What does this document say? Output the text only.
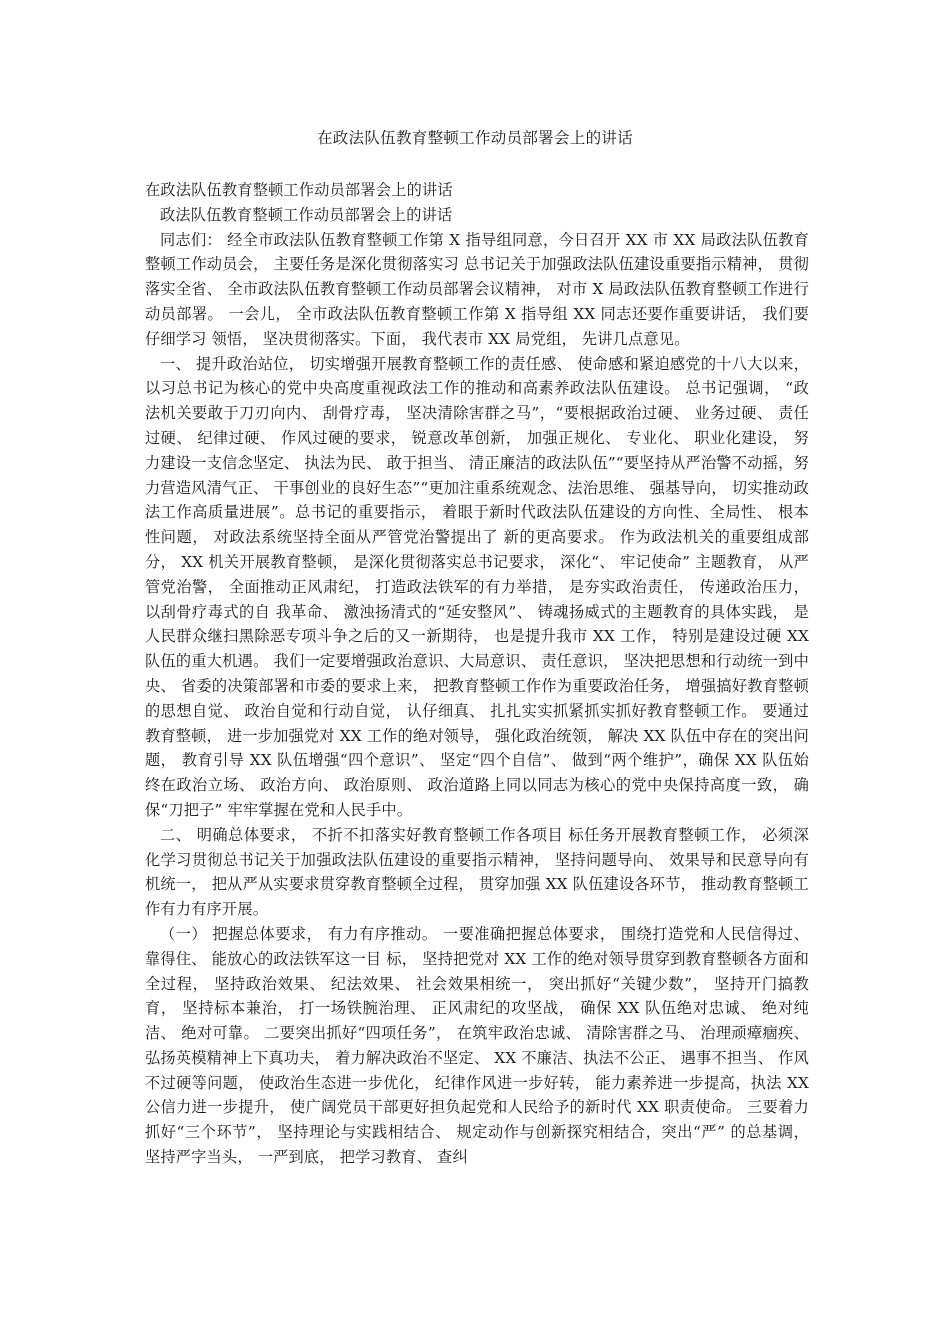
在政法队伍教育整顿工作动员部署会上的讲话

在政法队伍教育整顿工作动员部署会上的讲话

政法队伍教育整顿工作动员部署会上的讲话

同志们： 经全市政法队伍教育整顿工作第 X 指导组同意，今日召开 XX 市 XX 局政法队伍教育整顿工作动员会， 主要任务是深化贯彻落实习 总书记关于加强政法队伍建设重要指示精神， 贯彻落实全省、 全市政法队伍教育整顿工作动员部署会议精神， 对市 X 局政法队伍教育整顿工作进行动员部署。 一会儿， 全市政法队伍教育整顿工作第 X 指导组 XX 同志还要作重要讲话， 我们要仔细学习 领悟， 坚决贯彻落实。下面， 我代表市 XX 局党组， 先讲几点意见。

一、 提升政治站位， 切实增强开展教育整顿工作的责任感、 使命感和紧迫感党的十八大以来， 以习总书记为核心的党中央高度重视政法工作的推动和高素养政法队伍建设。 总书记强调， “政法机关要敢于刀刃向内、 刮骨疗毒， 坚决清除害群之马”，“要根据政治过硬、 业务过硬、 责任过硬、 纪律过硬、 作风过硬的要求， 锐意改革创新， 加强正规化、 专业化、 职业化建设， 努力建设一支信念坚定、 执法为民、 敢于担当、 清正廉洁的政法队伍”“要坚持从严治警不动摇，努力营造风清气正、 干事创业的良好生态”“更加注重系统观念、法治思维、 强基导向， 切实推动政法工作高质量进展”。总书记的重要指示， 着眼于新时代政法队伍建设的方向性、全局性、 根本性问题， 对政法系统坚持全面从严管党治警提出了 新的更高要求。 作为政法机关的重要组成部分， XX 机关开展教育整顿， 是深化贯彻落实总书记要求， 深化“、 牢记使命” 主题教育， 从严管党治警， 全面推动正风肃纪， 打造政法铁军的有力举措， 是夯实政治责任， 传递政治压力，以刮骨疗毒式的自 我革命、 激浊扬清式的“延安整风”、 铸魂扬威式的主题教育的具体实践， 是人民群众继扫黑除恶专项斗争之后的又一新期待， 也是提升我市 XX 工作， 特别是建设过硬 XX 队伍的重大机遇。 我们一定要增强政治意识、大局意识、 责任意识， 坚决把思想和行动统一到中央、 省委的决策部署和市委的要求上来， 把教育整顿工作作为重要政治任务， 增强搞好教育整顿的思想自觉、 政治自觉和行动自觉， 认仔细真、 扎扎实实抓紧抓实抓好教育整顿工作。 要通过教育整顿， 进一步加强党对 XX 工作的绝对领导， 强化政治统领， 解决 XX 队伍中存在的突出问题， 教育引导 XX 队伍增强“四个意识”、 坚定“四个自信”、 做到“两个维护”，确保 XX 队伍始终在政治立场、 政治方向、 政治原则、 政治道路上同以同志为核心的党中央保持高度一致， 确保“刀把子” 牢牢掌握在党和人民手中。

二、 明确总体要求， 不折不扣落实好教育整顿工作各项目 标任务开展教育整顿工作， 必须深化学习贯彻总书记关于加强政法队伍建设的重要指示精神， 坚持问题导向、 效果导和民意导向有机统一， 把从严从实要求贯穿教育整顿全过程， 贯穿加强 XX 队伍建设各环节， 推动教育整顿工作有力有序开展。

（一） 把握总体要求， 有力有序推动。 一要准确把握总体要求， 围绕打造党和人民信得过、 靠得住、 能放心的政法铁军这一目 标， 坚持把党对 XX 工作的绝对领导贯穿到教育整顿各方面和全过程， 坚持政治效果、 纪法效果、 社会效果相统一， 突出抓好“关键少数”， 坚持开门搞教育， 坚持标本兼治， 打一场铁腕治理、 正风肃纪的攻坚战， 确保 XX 队伍绝对忠诚、 绝对纯洁、 绝对可靠。 二要突出抓好“四项任务”， 在筑牢政治忠诚、 清除害群之马、 治理顽瘴痼疾、 弘扬英模精神上下真功夫， 着力解决政治不坚定、 XX 不廉洁、执法不公正、 遇事不担当、 作风不过硬等问题， 使政治生态进一步优化， 纪律作风进一步好转， 能力素养进一步提高，执法 XX 公信力进一步提升， 使广阔党员干部更好担负起党和人民给予的新时代 XX 职责使命。 三要着力抓好“三个环节”， 坚持理论与实践相结合、 规定动作与创新探究相结合，突出“严” 的总基调， 坚持严字当头， 一严到底， 把学习教育、 查纠
